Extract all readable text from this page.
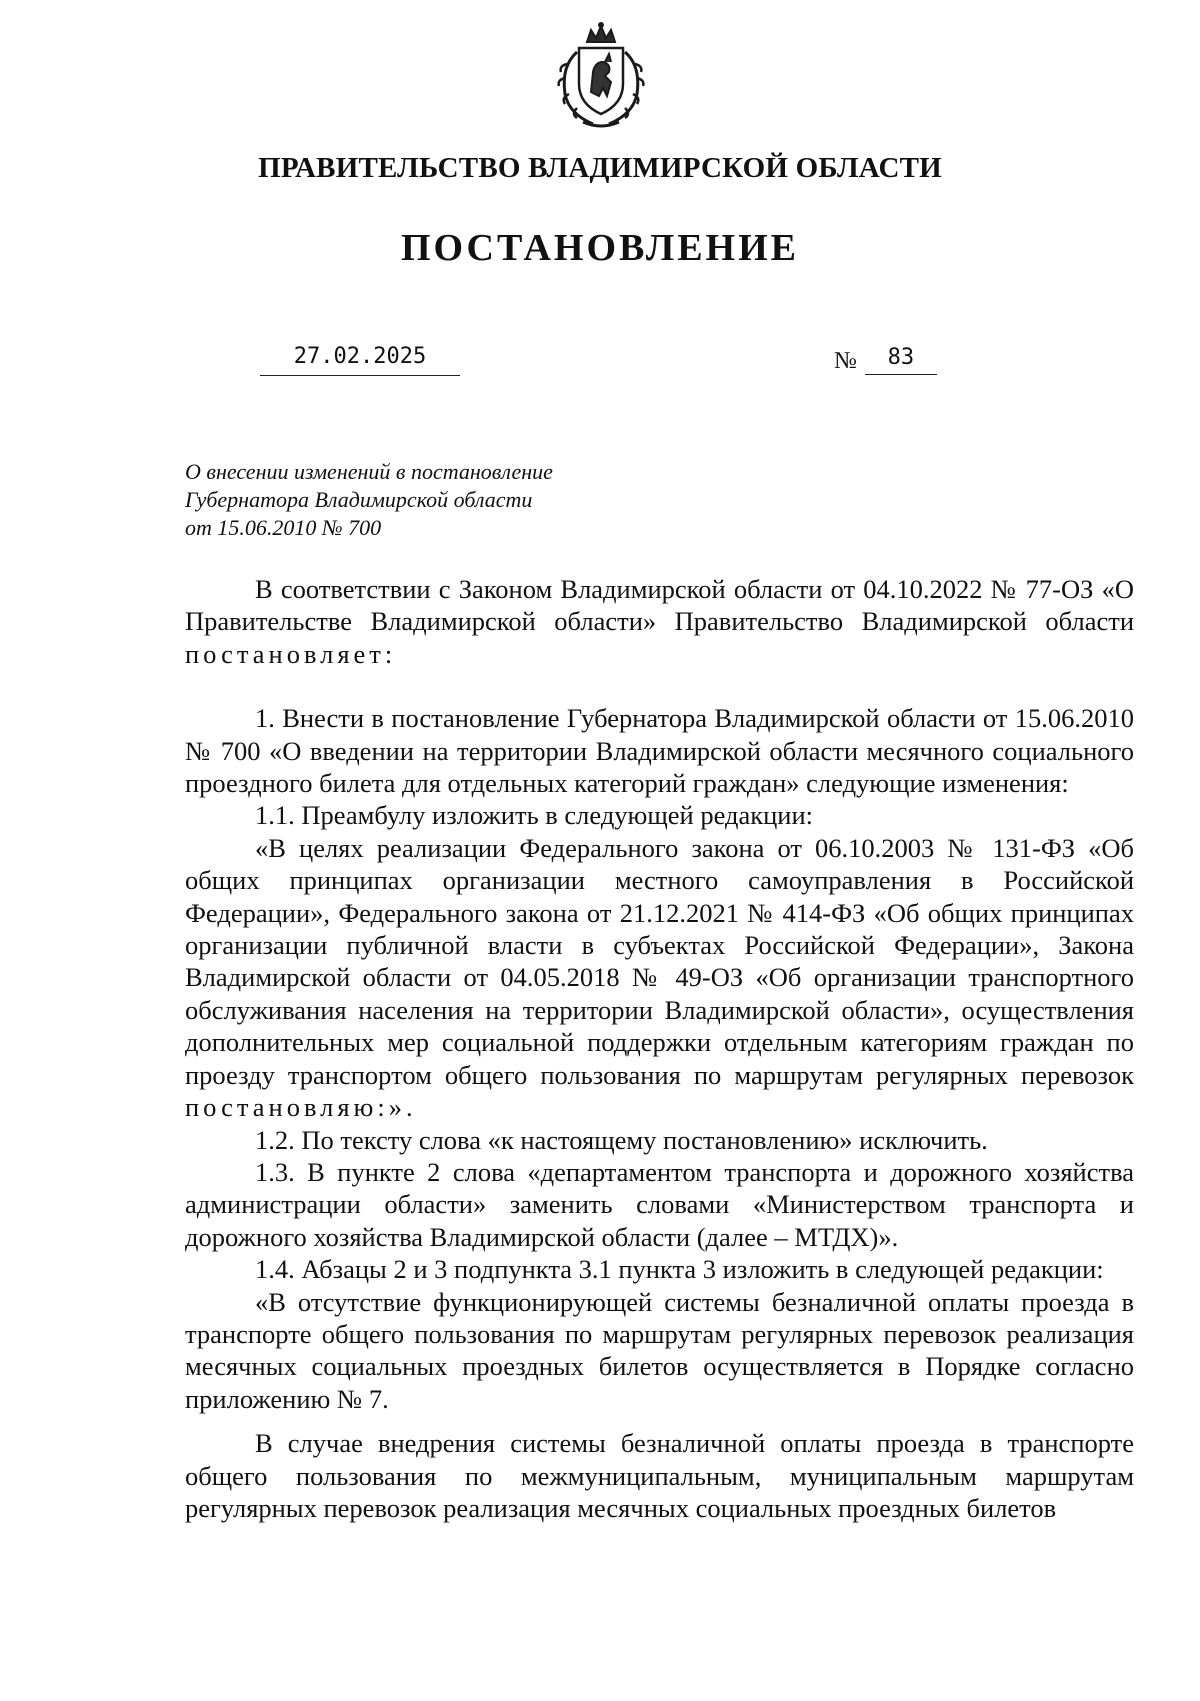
ПРАВИТЕЛЬСТВО ВЛАДИМИРСКОЙ ОБЛАСТИ
ПОСТАНОВЛЕНИЕ
27.02.2025	№ 83
О внесении изменений в постановление
Губернатора Владимирской области
от 15.06.2010 № 700

В соответствии с Законом Владимирской области от 04.10.2022 № 77-ОЗ «О Правительстве Владимирской области» Правительство Владимирской области постановляет:

1. Внести в постановление Губернатора Владимирской области от 15.06.2010 № 700 «О введении на территории Владимирской области месячного социального проездного билета для отдельных категорий граждан» следующие изменения:

1.1. Преамбулу изложить в следующей редакции:

«В целях реализации Федерального закона от 06.10.2003 № 131-ФЗ «Об общих принципах организации местного самоуправления в Российской Федерации», Федерального закона от 21.12.2021 № 414-ФЗ «Об общих принципах организации публичной власти в субъектах Российской Федерации», Закона Владимирской области от 04.05.2018 № 49-ОЗ «Об организации транспортного обслуживания населения на территории Владимирской области», осуществления дополнительных мер социальной поддержки отдельным категориям граждан по проезду транспортом общего пользования по маршрутам регулярных перевозок постановляю:».

1.2. По тексту слова «к настоящему постановлению» исключить.

1.3. В пункте 2 слова «департаментом транспорта и дорожного хозяйства администрации области» заменить словами «Министерством транспорта и дорожного хозяйства Владимирской области (далее – МТДХ)».

1.4. Абзацы 2 и 3 подпункта 3.1 пункта 3 изложить в следующей редакции:

«В отсутствие функционирующей системы безналичной оплаты проезда в транспорте общего пользования по маршрутам регулярных перевозок реализация месячных социальных проездных билетов осуществляется в Порядке согласно приложению № 7.

В случае внедрения системы безналичной оплаты проезда в транспорте общего пользования по межмуниципальным, муниципальным маршрутам регулярных перевозок реализация месячных социальных проездных билетов
